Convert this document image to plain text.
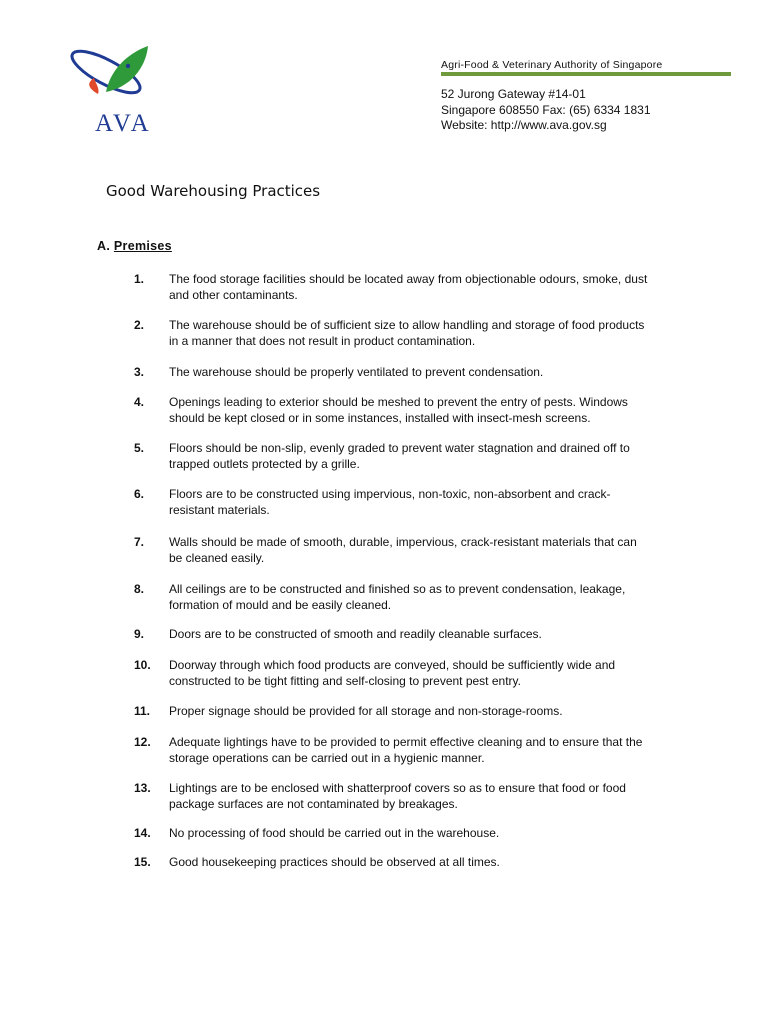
AVA
Agri-Food & Veterinary Authority of Singapore
52 Jurong Gateway #14-01
Singapore 608550 Fax: (65) 6334 1831
Website: http://www.ava.gov.sg
Good Warehousing Practices
A. Premises
1.	The food storage facilities should be located away from objectionable odours, smoke, dust and other contaminants.
2.	The warehouse should be of sufficient size to allow handling and storage of food products in a manner that does not result in product contamination.
3.	The warehouse should be properly ventilated to prevent condensation.
4.	Openings leading to exterior should be meshed to prevent the entry of pests. Windows should be kept closed or in some instances, installed with insect-mesh screens.
5.	Floors should be non-slip, evenly graded to prevent water stagnation and drained off to trapped outlets protected by a grille.
6.	Floors are to be constructed using impervious, non-toxic, non-absorbent and crack-resistant materials.
7.	Walls should be made of smooth, durable, impervious, crack-resistant materials that can be cleaned easily.
8.	All ceilings are to be constructed and finished so as to prevent condensation, leakage, formation of mould and be easily cleaned.
9.	Doors are to be constructed of smooth and readily cleanable surfaces.
10.	Doorway through which food products are conveyed, should be sufficiently wide and constructed to be tight fitting and self-closing to prevent pest entry.
11.	Proper signage should be provided for all storage and non-storage-rooms.
12.	Adequate lightings have to be provided to permit effective cleaning and to ensure that the storage operations can be carried out in a hygienic manner.
13.	Lightings are to be enclosed with shatterproof covers so as to ensure that food or food package surfaces are not contaminated by breakages.
14.	No processing of food should be carried out in the warehouse.
15.	Good housekeeping practices should be observed at all times.
